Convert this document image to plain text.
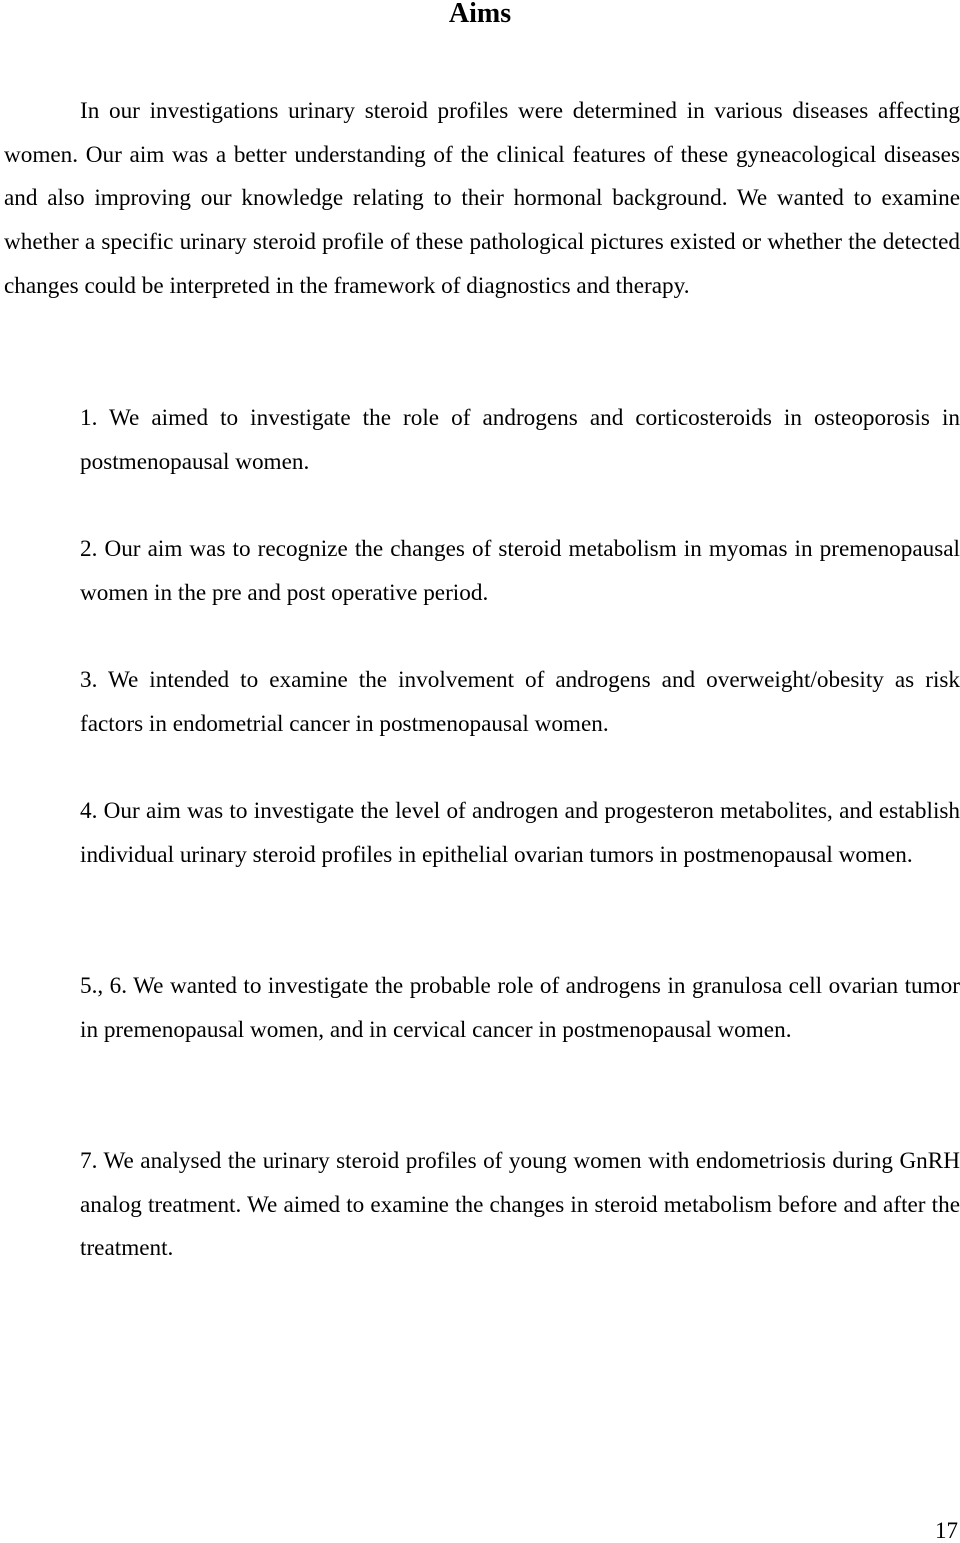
Aims

In our investigations urinary steroid profiles were determined in various diseases affecting women. Our aim was a better understanding of the clinical features of these gyneacological diseases and also improving our knowledge relating to their hormonal background. We wanted to examine whether a specific urinary steroid profile of these pathological pictures existed or whether the detected changes could be interpreted in the framework of diagnostics and therapy.

1. We aimed to investigate the role of androgens and corticosteroids in osteoporosis in postmenopausal women.

2. Our aim was to recognize the changes of steroid metabolism in myomas in premenopausal women in the pre and post operative period.

3. We intended to examine the involvement of androgens and overweight/obesity as risk factors in endometrial cancer in postmenopausal women.

4. Our aim was to investigate the level of androgen and progesteron metabolites, and establish individual urinary steroid profiles in epithelial ovarian tumors in postmenopausal women.

5., 6. We wanted to investigate the probable role of androgens in granulosa cell ovarian tumor in premenopausal women, and in cervical cancer in postmenopausal women.

7. We analysed the urinary steroid profiles of young women with endometriosis during GnRH analog treatment. We aimed to examine the changes in steroid metabolism before and after the treatment.

17
